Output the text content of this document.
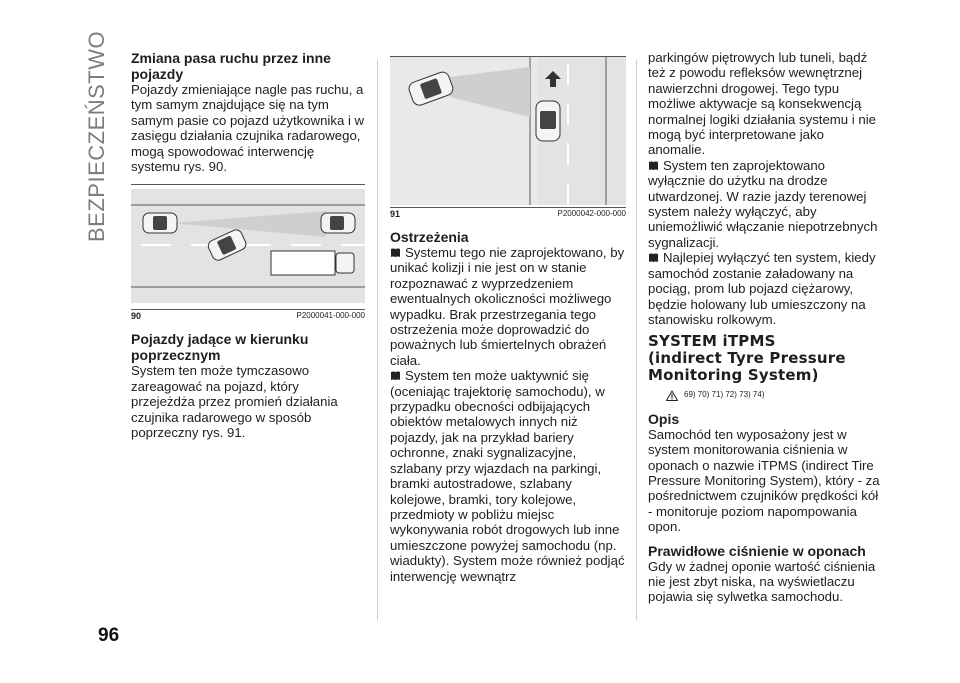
BEZPIECZEŃSTWO
96
Zmiana pasa ruchu przez inne pojazdy

Pojazdy zmieniające nagle pas ruchu, a tym samym znajdujące się na tym samym pasie co pojazd użytkownika i w zasięgu działania czujnika radarowego, mogą spowodować interwencję systemu rys. 90.

90	P2000041-000-000
Pojazdy jadące w kierunku poprzecznym

System ten może tymczasowo zareagować na pojazd, który przejeżdża przez promień działania czujnika radarowego w sposób poprzeczny rys. 91.

91	P2000042-000-000
Ostrzeżenia

Systemu tego nie zaprojektowano, by unikać kolizji i nie jest on w stanie rozpoznawać z wyprzedzeniem ewentualnych okoliczności możliwego wypadku. Brak przestrzegania tego ostrzeżenia może doprowadzić do poważnych lub śmiertelnych obrażeń ciała.

System ten może uaktywnić się (oceniając trajektorię samochodu), w przypadku obecności odbijających obiektów metalowych innych niż pojazdy, jak na przykład bariery ochronne, znaki sygnalizacyjne, szlabany przy wjazdach na parkingi, bramki autostradowe, szlabany kolejowe, bramki, tory kolejowe, przedmioty w pobliżu miejsc wykonywania robót drogowych lub inne umieszczone powyżej samochodu (np. wiadukty). System może również podjąć interwencję wewnątrz

parkingów piętrowych lub tuneli, bądź też z powodu refleksów wewnętrznej nawierzchni drogowej. Tego typu możliwe aktywacje są konsekwencją normalnej logiki działania systemu i nie mogą być interpretowane jako anomalie.

System ten zaprojektowano wyłącznie do użytku na drodze utwardzonej. W razie jazdy terenowej system należy wyłączyć, aby uniemożliwić włączanie niepotrzebnych sygnalizacji.

Najlepiej wyłączyć ten system, kiedy samochód zostanie załadowany na pociąg, prom lub pojazd ciężarowy, będzie holowany lub umieszczony na stanowisku rolkowym.

SYSTEM iTPMS
(indirect Tyre Pressure
Monitoring System)
69) 70) 71) 72) 73) 74)
Opis

Samochód ten wyposażony jest w system monitorowania ciśnienia w oponach o nazwie iTPMS (indirect Tire Pressure Monitoring System), który - za pośrednictwem czujników prędkości kół - monitoruje poziom napompowania opon.

Prawidłowe ciśnienie w oponach

Gdy w żadnej oponie wartość ciśnienia nie jest zbyt niska, na wyświetlaczu pojawia się sylwetka samochodu.
